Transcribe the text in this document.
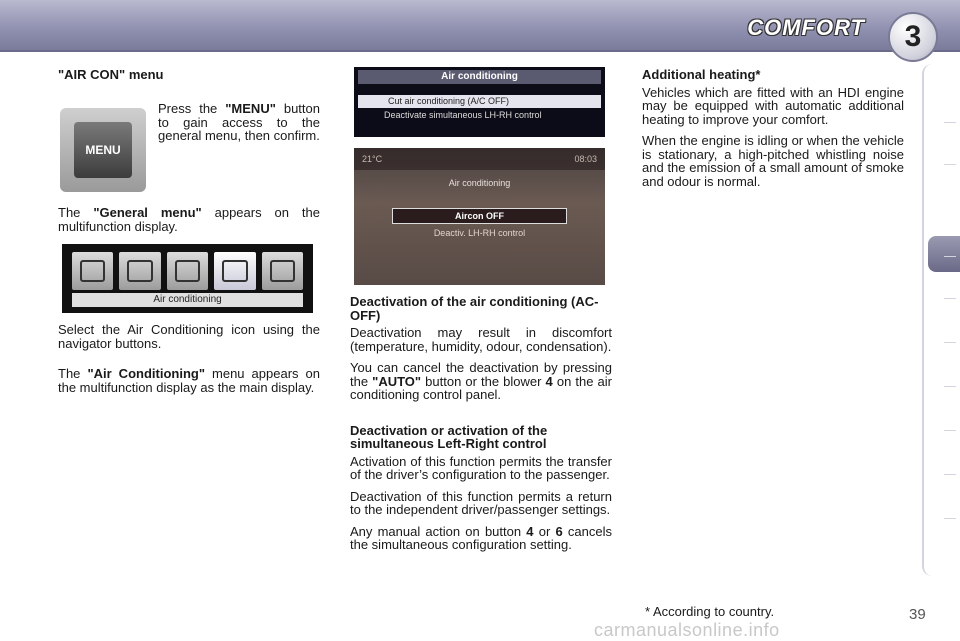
COMFORT	3
"AIR CON" menu
MENU
Press the "MENU" button to gain access to the general menu, then confirm.

The "General menu" appears on the multifunction display.

Air conditioning

Select the Air Conditioning icon using the navigator buttons.

The "Air Conditioning" menu appears on the multifunction display as the main display.

Air conditioning
Cut air conditioning (A/C OFF)
Deactivate simultaneous LH-RH control
21°C	08:03
Air conditioning
Aircon OFF
Deactiv. LH-RH control
Deactivation of the air conditioning (AC-OFF)

Deactivation may result in discomfort (temperature, humidity, odour, condensation).

You can cancel the deactivation by pressing the "AUTO" button or the blower 4 on the air conditioning control panel.

Deactivation or activation of the simultaneous Left-Right control

Activation of this function permits the transfer of the driver’s configuration to the passenger.

Deactivation of this function permits a return to the independent driver/passenger settings.

Any manual action on button 4 or 6 cancels the simultaneous configuration setting.

Additional heating*

Vehicles which are fitted with an HDI engine may be equipped with automatic additional heating to improve your comfort.

When the engine is idling or when the vehicle is stationary, a high-pitched whistling noise and the emission of a small amount of smoke and odour is normal.

* According to country.	39
carmanualsonline.info
